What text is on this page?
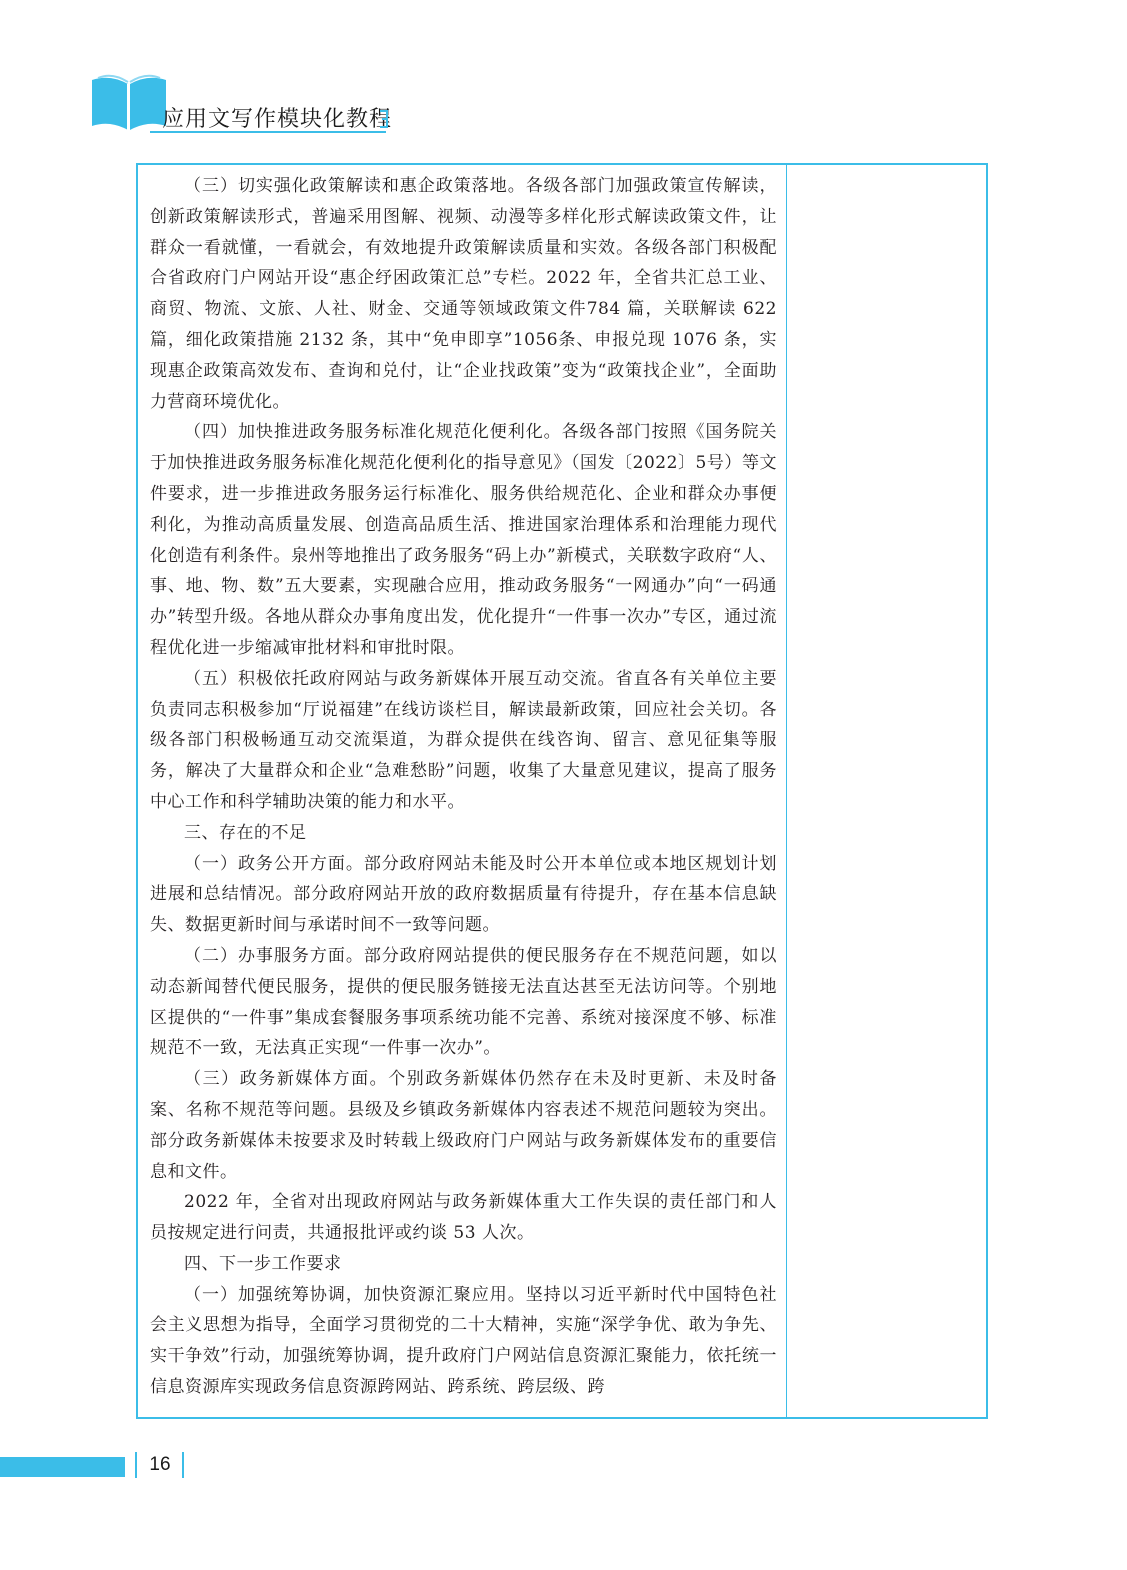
应用文写作模块化教程

（三）切实强化政策解读和惠企政策落地。各级各部门加强政策宣传解读，创新政策解读形式，普遍采用图解、视频、动漫等多样化形式解读政策文件，让群众一看就懂，一看就会，有效地提升政策解读质量和实效。各级各部门积极配合省政府门户网站开设“惠企纾困政策汇总”专栏。2022 年，全省共汇总工业、商贸、物流、文旅、人社、财金、交通等领域政策文件784 篇，关联解读 622 篇，细化政策措施 2132 条，其中“免申即享”1056条、申报兑现 1076 条，实现惠企政策高效发布、查询和兑付，让“企业找政策”变为“政策找企业”，全面助力营商环境优化。

（四）加快推进政务服务标准化规范化便利化。各级各部门按照《国务院关于加快推进政务服务标准化规范化便利化的指导意见》（国发〔2022〕5号）等文件要求，进一步推进政务服务运行标准化、服务供给规范化、企业和群众办事便利化，为推动高质量发展、创造高品质生活、推进国家治理体系和治理能力现代化创造有利条件。泉州等地推出了政务服务“码上办”新模式，关联数字政府“人、事、地、物、数”五大要素，实现融合应用，推动政务服务“一网通办”向“一码通办”转型升级。各地从群众办事角度出发，优化提升“一件事一次办”专区，通过流程优化进一步缩减审批材料和审批时限。

（五）积极依托政府网站与政务新媒体开展互动交流。省直各有关单位主要负责同志积极参加“厅说福建”在线访谈栏目，解读最新政策，回应社会关切。各级各部门积极畅通互动交流渠道，为群众提供在线咨询、留言、意见征集等服务，解决了大量群众和企业“急难愁盼”问题，收集了大量意见建议，提高了服务中心工作和科学辅助决策的能力和水平。

三、存在的不足

（一）政务公开方面。部分政府网站未能及时公开本单位或本地区规划计划进展和总结情况。部分政府网站开放的政府数据质量有待提升，存在基本信息缺失、数据更新时间与承诺时间不一致等问题。

（二）办事服务方面。部分政府网站提供的便民服务存在不规范问题，如以动态新闻替代便民服务，提供的便民服务链接无法直达甚至无法访问等。个别地区提供的“一件事”集成套餐服务事项系统功能不完善、系统对接深度不够、标准规范不一致，无法真正实现“一件事一次办”。

（三）政务新媒体方面。个别政务新媒体仍然存在未及时更新、未及时备案、名称不规范等问题。县级及乡镇政务新媒体内容表述不规范问题较为突出。部分政务新媒体未按要求及时转载上级政府门户网站与政务新媒体发布的重要信息和文件。

2022 年，全省对出现政府网站与政务新媒体重大工作失误的责任部门和人员按规定进行问责，共通报批评或约谈 53 人次。

四、下一步工作要求

（一）加强统筹协调，加快资源汇聚应用。坚持以习近平新时代中国特色社会主义思想为指导，全面学习贯彻党的二十大精神，实施“深学争优、敢为争先、实干争效”行动，加强统筹协调，提升政府门户网站信息资源汇聚能力，依托统一信息资源库实现政务信息资源跨网站、跨系统、跨层级、跨

16
